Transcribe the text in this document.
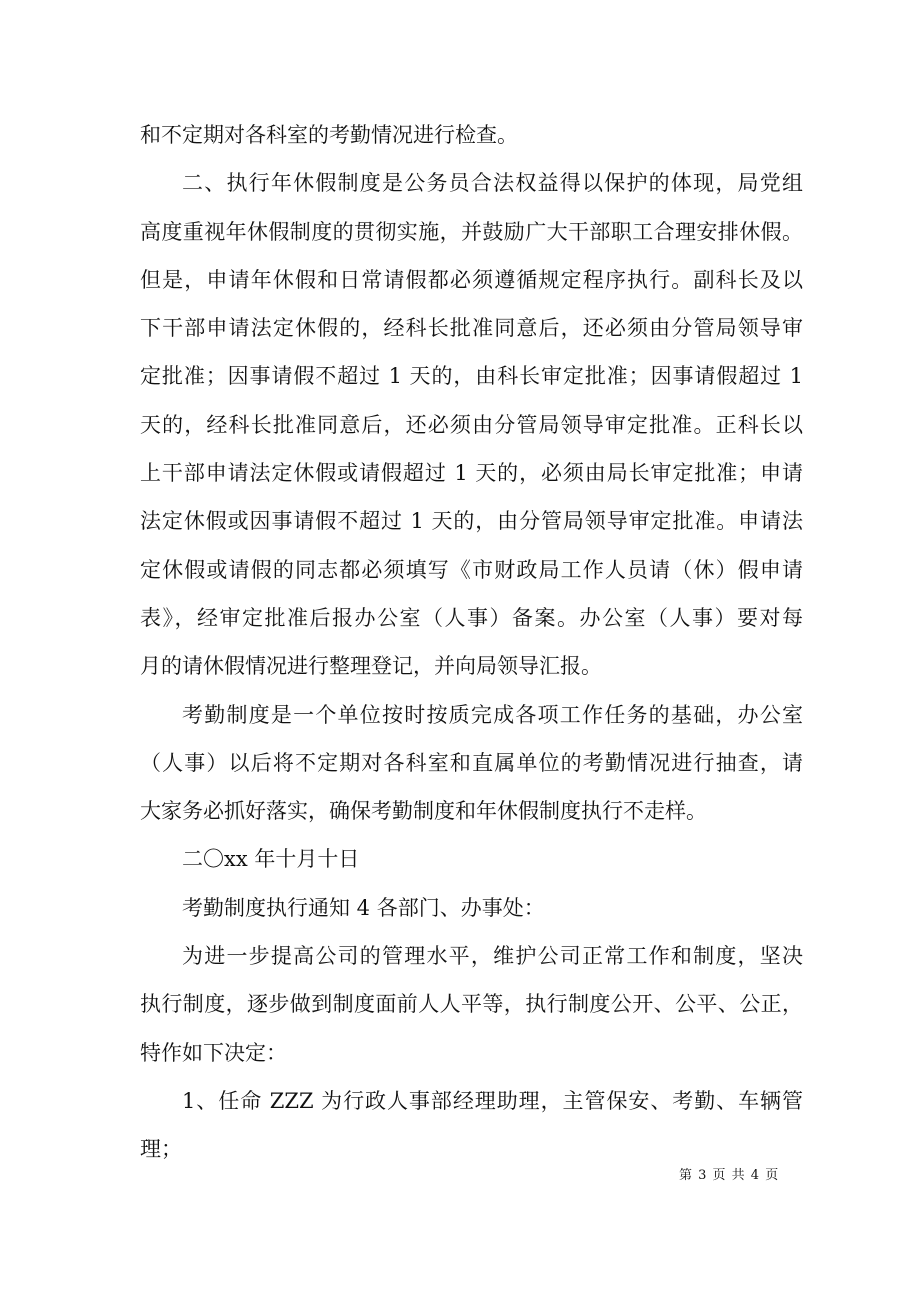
和不定期对各科室的考勤情况进行检查。
二、执行年休假制度是公务员合法权益得以保护的体现，局党组
高度重视年休假制度的贯彻实施，并鼓励广大干部职工合理安排休假。
但是，申请年休假和日常请假都必须遵循规定程序执行。副科长及以
下干部申请法定休假的，经科长批准同意后，还必须由分管局领导审
定批准；因事请假不超过 1 天的，由科长审定批准；因事请假超过 1
天的，经科长批准同意后，还必须由分管局领导审定批准。正科长以
上干部申请法定休假或请假超过 1 天的，必须由局长审定批准；申请
法定休假或因事请假不超过 1 天的，由分管局领导审定批准。申请法
定休假或请假的同志都必须填写《市财政局工作人员请（休）假申请
表》，经审定批准后报办公室（人事）备案。办公室（人事）要对每
月的请休假情况进行整理登记，并向局领导汇报。
考勤制度是一个单位按时按质完成各项工作任务的基础，办公室
（人事）以后将不定期对各科室和直属单位的考勤情况进行抽查，请
大家务必抓好落实，确保考勤制度和年休假制度执行不走样。
二〇xx 年十月十日
考勤制度执行通知 4 各部门、办事处：
为进一步提高公司的管理水平，维护公司正常工作和制度，坚决
执行制度，逐步做到制度面前人人平等，执行制度公开、公平、公正，
特作如下决定：
1、任命 ZZZ 为行政人事部经理助理，主管保安、考勤、车辆管
理；
第 3 页 共 4 页
